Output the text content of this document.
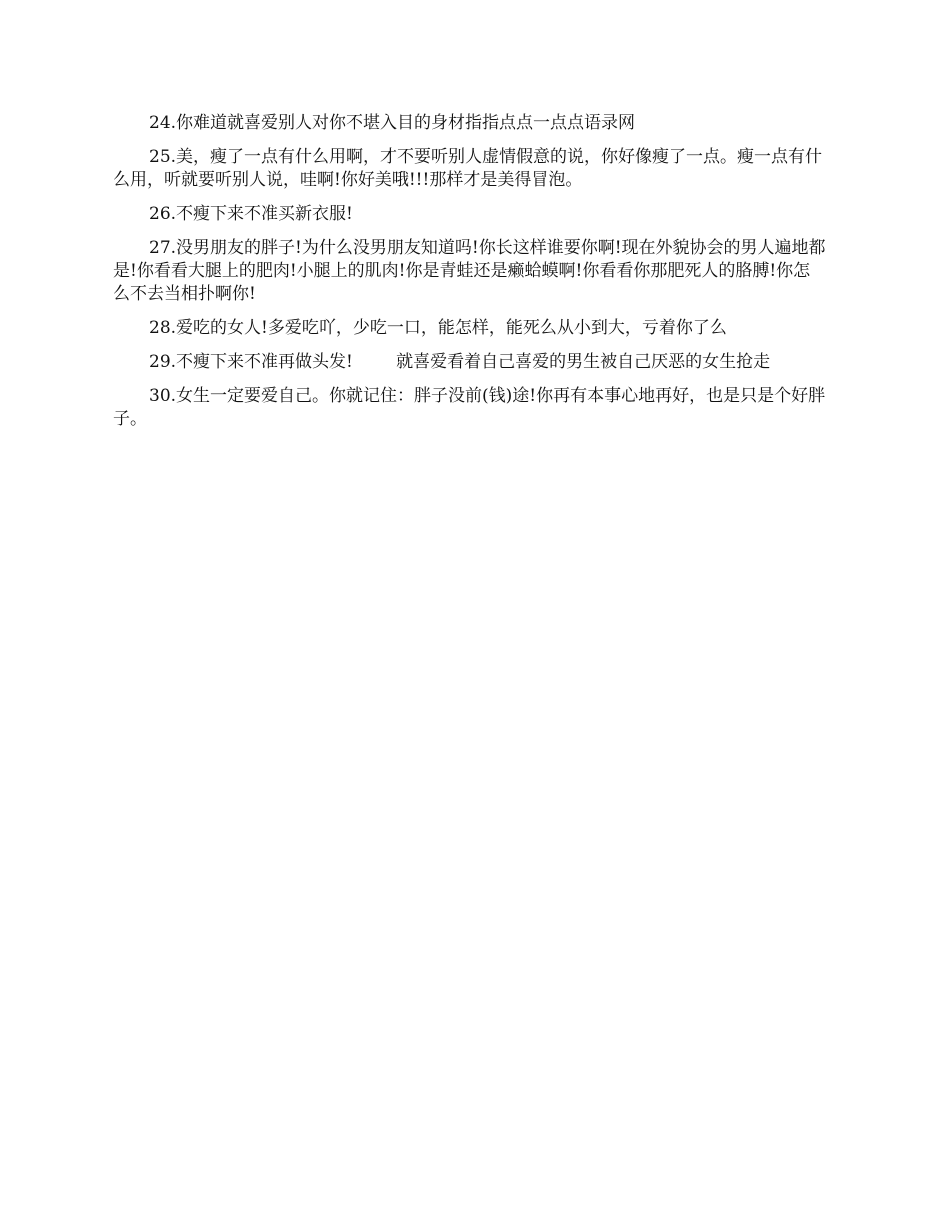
24.你难道就喜爱别人对你不堪入目的身材指指点点一点点语录网

25.美，瘦了一点有什么用啊，才不要听别人虚情假意的说，你好像瘦了一点。瘦一点有什么用，听就要听别人说，哇啊!你好美哦!!!那样才是美得冒泡。

26.不瘦下来不准买新衣服!

27.没男朋友的胖子!为什么没男朋友知道吗!你长这样谁要你啊!现在外貌协会的男人遍地都是!你看看大腿上的肥肉!小腿上的肌肉!你是青蛙还是癞蛤蟆啊!你看看你那肥死人的胳膊!你怎么不去当相扑啊你!

28.爱吃的女人!多爱吃吖，少吃一口，能怎样，能死么从小到大，亏着你了么

29.不瘦下来不准再做头发!        就喜爱看着自己喜爱的男生被自己厌恶的女生抢走

30.女生一定要爱自己。你就记住：胖子没前(钱)途!你再有本事心地再好，也是只是个好胖子。
